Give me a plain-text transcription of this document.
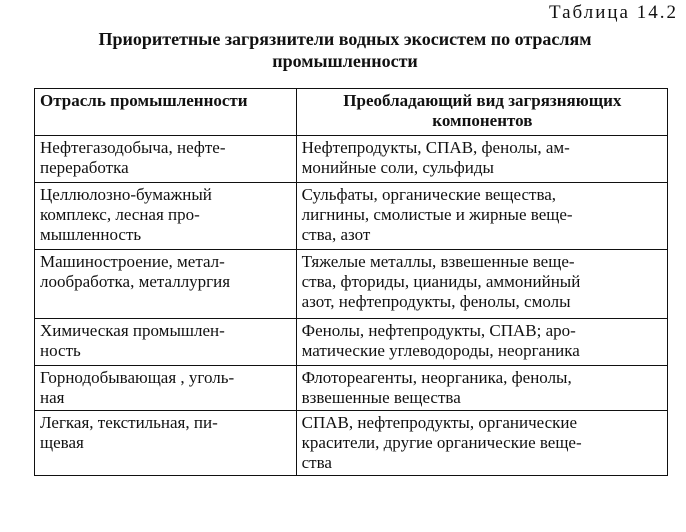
Таблица 14.2
Приоритетные загрязнители водных экосистем по отраслям
промышленности
Отрасль промышленности	Преобладающий вид загрязняющих
компонентов

Нефтегазодобыча, нефте-
переработка	Нефтепродукты, СПАВ, фенолы, ам-
монийные соли, сульфиды

Целлюлозно-бумажный
комплекс, лесная про-
мышленность	Сульфаты, органические вещества,
лигнины, смолистые и жирные веще-
ства, азот

Машиностроение, метал-
лообработка, металлургия	Тяжелые металлы, взвешенные веще-
ства, фториды, цианиды, аммонийный
азот, нефтепродукты, фенолы, смолы

Химическая промышлен-
ность	Фенолы, нефтепродукты, СПАВ; аро-
матические углеводороды, неорганика

Горнодобывающая , уголь-
ная	Флотореагенты, неорганика, фенолы,
взвешенные вещества

Легкая, текстильная, пи-
щевая	СПАВ, нефтепродукты, органические
красители, другие органические веще-
ства
